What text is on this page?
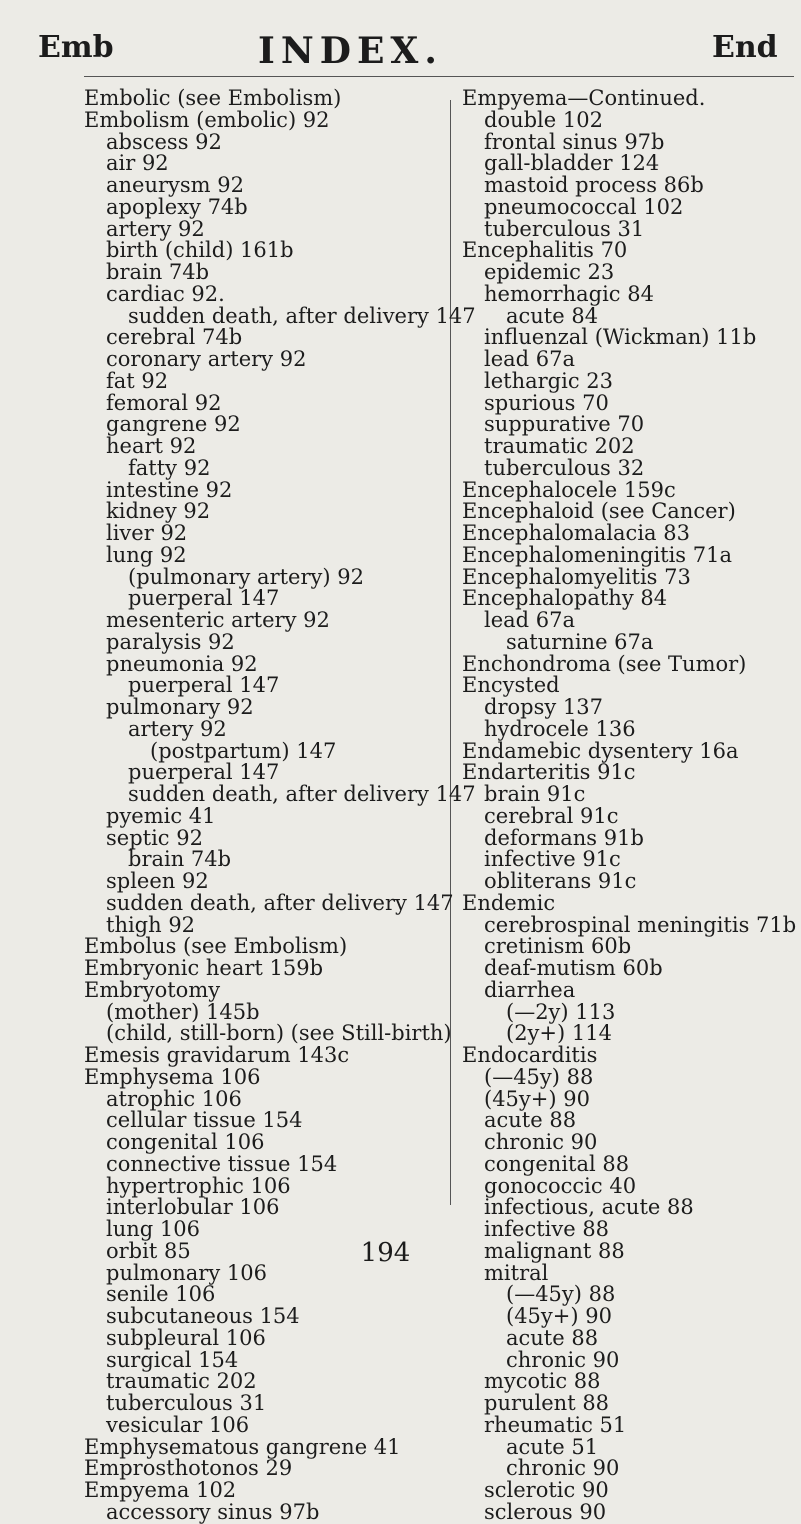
Emb	INDEX.	End
Embolic (see Embolism)
Embolism (embolic) 92
abscess 92
air 92
aneurysm 92
apoplexy 74b
artery 92
birth (child) 161b
brain 74b
cardiac 92.
sudden death, after delivery 147
cerebral 74b
coronary artery 92
fat 92
femoral 92
gangrene 92
heart 92
fatty 92
intestine 92
kidney 92
liver 92
lung 92
(pulmonary artery) 92
puerperal 147
mesenteric artery 92
paralysis 92
pneumonia 92
puerperal 147
pulmonary 92
artery 92
(postpartum) 147
puerperal 147
sudden death, after delivery 147
pyemic 41
septic 92
brain 74b
spleen 92
sudden death, after delivery 147
thigh 92
Embolus (see Embolism)
Embryonic heart 159b
Embryotomy
(mother) 145b
(child, still-born) (see Still-birth)
Emesis gravidarum 143c
Emphysema 106
atrophic 106
cellular tissue 154
congenital 106
connective tissue 154
hypertrophic 106
interlobular 106
lung 106
orbit 85
pulmonary 106
senile 106
subcutaneous 154
subpleural 106
surgical 154
traumatic 202
tuberculous 31
vesicular 106
Emphysematous gangrene 41
Emprosthotonos 29
Empyema 102
accessory sinus 97b
Empyema—Continued.
double 102
frontal sinus 97b
gall-bladder 124
mastoid process 86b
pneumococcal 102
tuberculous 31
Encephalitis 70
epidemic 23
hemorrhagic 84
acute 84
influenzal (Wickman) 11b
lead 67a
lethargic 23
spurious 70
suppurative 70
traumatic 202
tuberculous 32
Encephalocele 159c
Encephaloid (see Cancer)
Encephalomalacia 83
Encephalomeningitis 71a
Encephalomyelitis 73
Encephalopathy 84
lead 67a
saturnine 67a
Enchondroma (see Tumor)
Encysted
dropsy 137
hydrocele 136
Endamebic dysentery 16a
Endarteritis 91c
brain 91c
cerebral 91c
deformans 91b
infective 91c
obliterans 91c
Endemic
cerebrospinal meningitis 71b
cretinism 60b
deaf-mutism 60b
diarrhea
(—2y) 113
(2y+) 114
Endocarditis
(—45y) 88
(45y+) 90
acute 88
chronic 90
congenital 88
gonococcic 40
infectious, acute 88
infective 88
malignant 88
mitral
(—45y) 88
(45y+) 90
acute 88
chronic 90
mycotic 88
purulent 88
rheumatic 51
acute 51
chronic 90
sclerotic 90
sclerous 90
194
